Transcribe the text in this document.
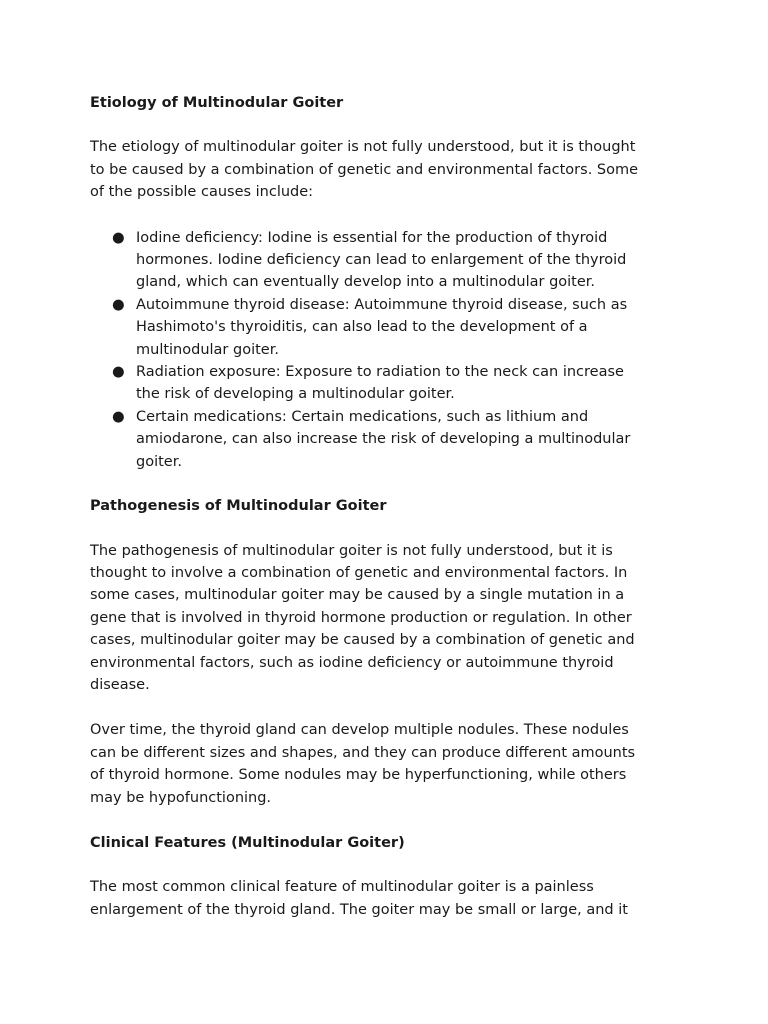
Etiology of Multinodular Goiter

The etiology of multinodular goiter is not fully understood, but it is thought to be caused by a combination of genetic and environmental factors. Some of the possible causes include:

● Iodine deficiency: Iodine is essential for the production of thyroid hormones. Iodine deficiency can lead to enlargement of the thyroid gland, which can eventually develop into a multinodular goiter.
● Autoimmune thyroid disease: Autoimmune thyroid disease, such as Hashimoto's thyroiditis, can also lead to the development of a multinodular goiter.
● Radiation exposure: Exposure to radiation to the neck can increase the risk of developing a multinodular goiter.
● Certain medications: Certain medications, such as lithium and amiodarone, can also increase the risk of developing a multinodular goiter.
Pathogenesis of Multinodular Goiter

The pathogenesis of multinodular goiter is not fully understood, but it is thought to involve a combination of genetic and environmental factors. In some cases, multinodular goiter may be caused by a single mutation in a gene that is involved in thyroid hormone production or regulation. In other cases, multinodular goiter may be caused by a combination of genetic and environmental factors, such as iodine deficiency or autoimmune thyroid disease.

Over time, the thyroid gland can develop multiple nodules. These nodules can be different sizes and shapes, and they can produce different amounts of thyroid hormone. Some nodules may be hyperfunctioning, while others may be hypofunctioning.

Clinical Features (Multinodular Goiter)

The most common clinical feature of multinodular goiter is a painless enlargement of the thyroid gland. The goiter may be small or large, and it
